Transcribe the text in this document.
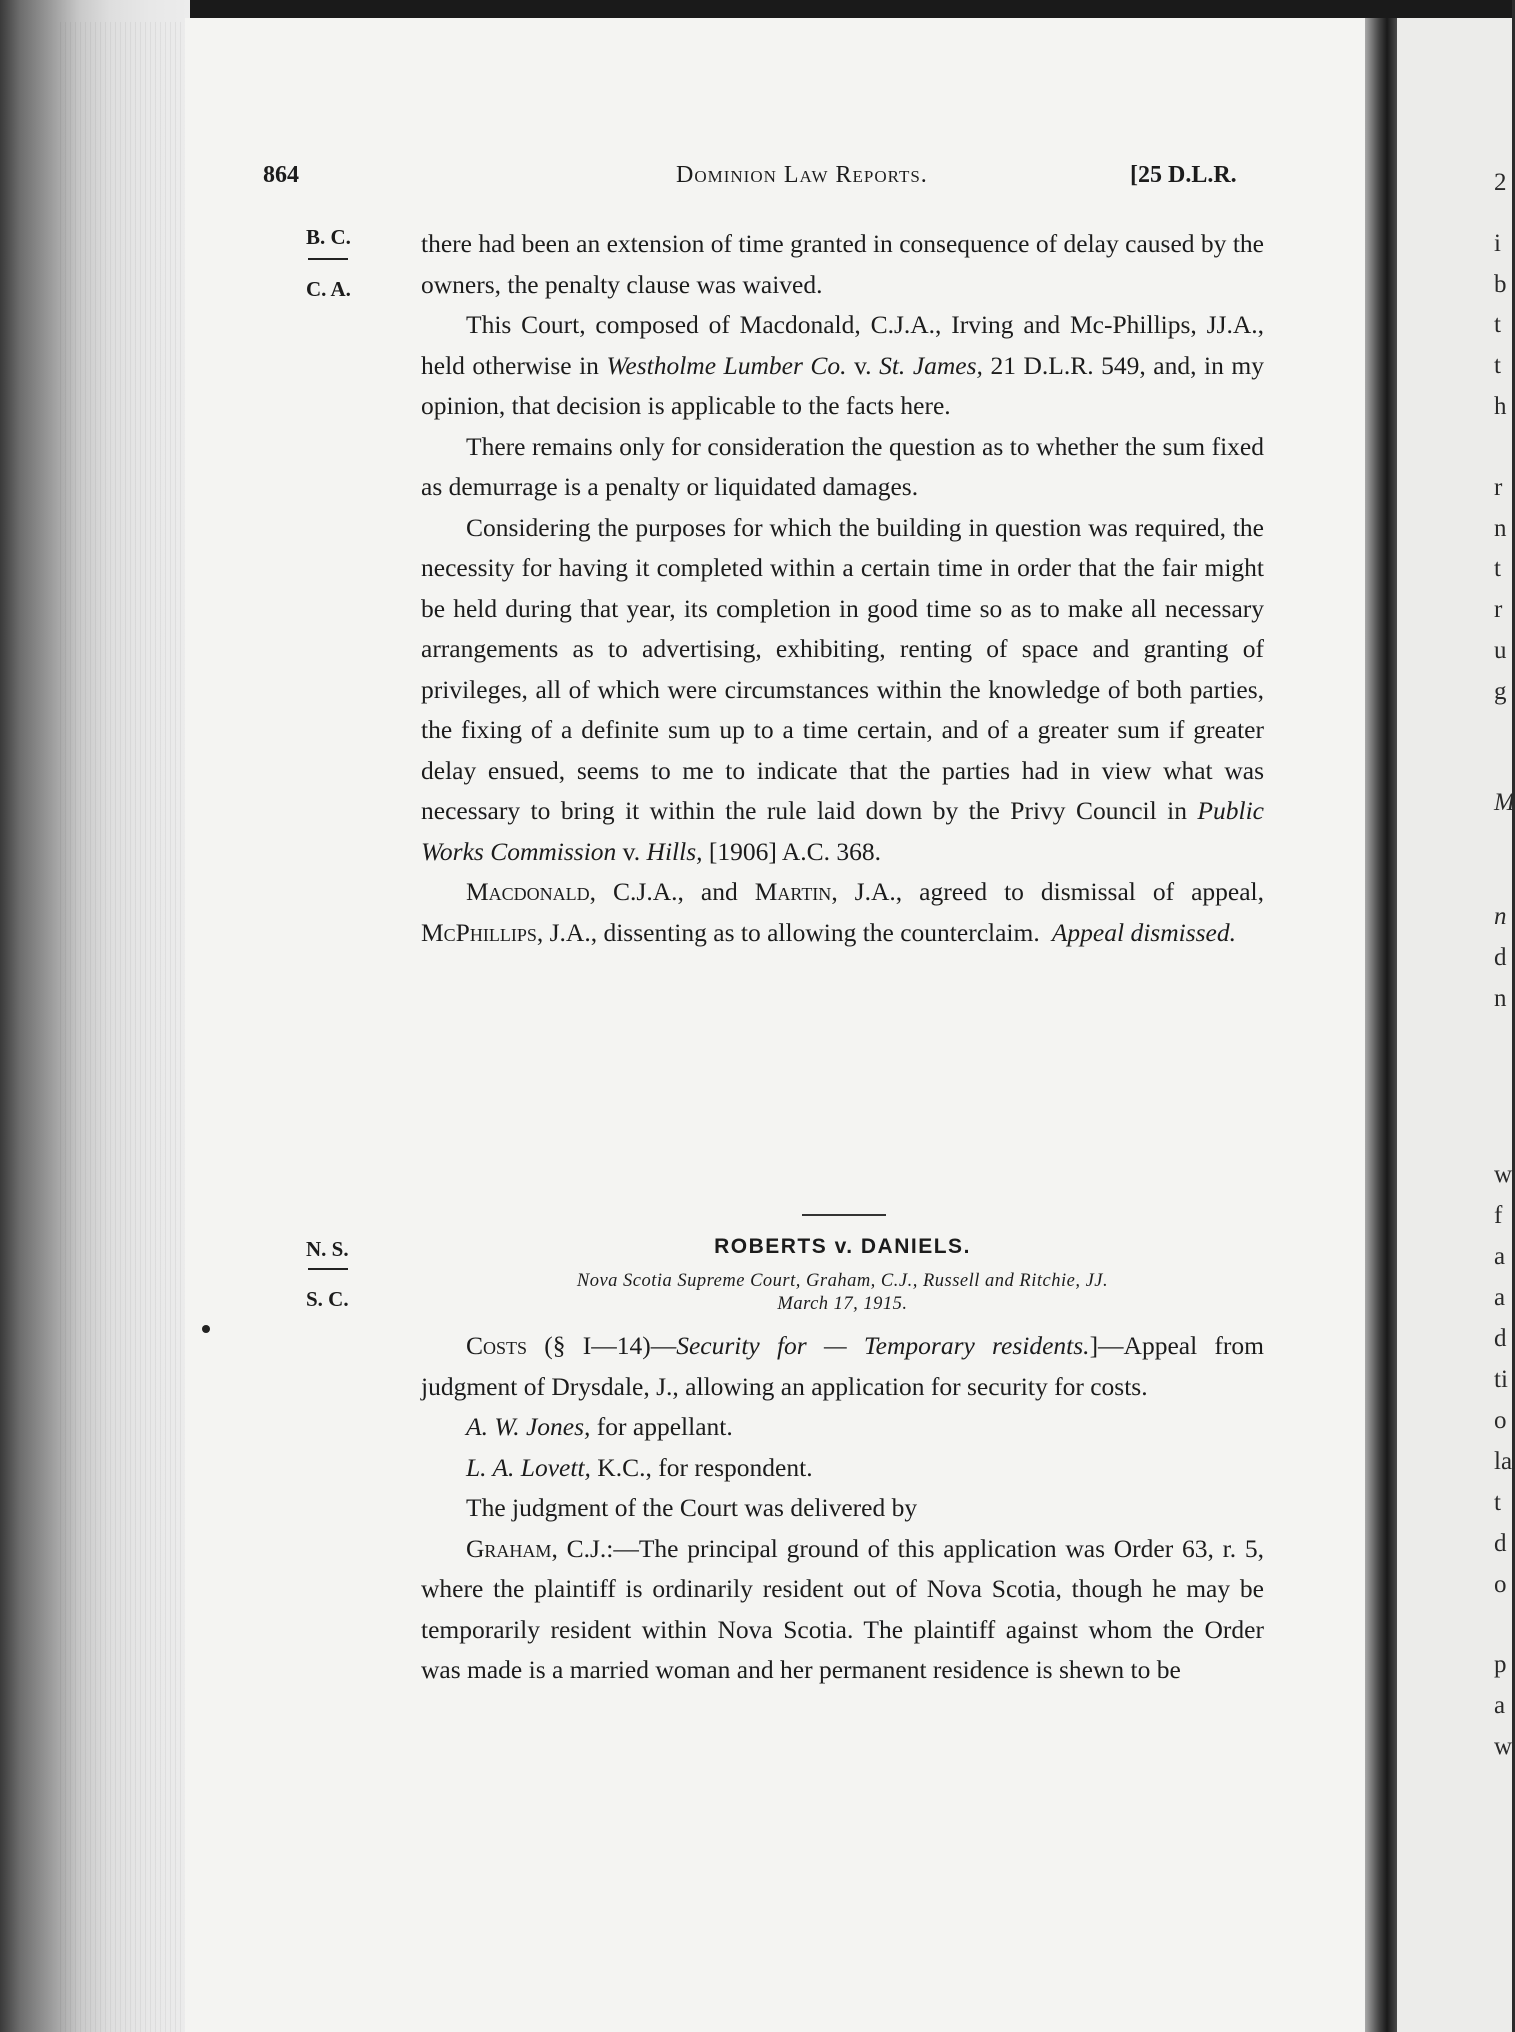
2
i
b
t
t
h
r
n
t
r
u
g
M
n
d
n
w
f
a
a
d
ti
o
la
t
d
o
p
a
w
864	Dominion Law Reports.	[25 D.L.R.
B. C.
C. A.

there had been an extension of time granted in consequence of delay caused by the owners, the penalty clause was waived.

This Court, composed of Macdonald, C.J.A., Irving and Mc-Phillips, JJ.A., held otherwise in Westholme Lumber Co. v. St. James, 21 D.L.R. 549, and, in my opinion, that decision is applicable to the facts here.

There remains only for consideration the question as to whether the sum fixed as demurrage is a penalty or liquidated damages.

Considering the purposes for which the building in question was required, the necessity for having it completed within a certain time in order that the fair might be held during that year, its completion in good time so as to make all necessary arrangements as to advertising, exhibiting, renting of space and granting of privileges, all of which were circumstances within the knowledge of both parties, the fixing of a definite sum up to a time certain, and of a greater sum if greater delay ensued, seems to me to indicate that the parties had in view what was necessary to bring it within the rule laid down by the Privy Council in Public Works Commission v. Hills, [1906] A.C. 368.

Macdonald, C.J.A., and Martin, J.A., agreed to dismissal of appeal, McPhillips, J.A., dissenting as to allowing the counterclaim. Appeal dismissed.

N. S.
S. C.
ROBERTS v. DANIELS.
Nova Scotia Supreme Court, Graham, C.J., Russell and Ritchie, JJ.
March 17, 1915.

Costs (§ I—14)—Security for — Temporary residents.]—Appeal from judgment of Drysdale, J., allowing an application for security for costs.

A. W. Jones, for appellant.

L. A. Lovett, K.C., for respondent.

The judgment of the Court was delivered by

Graham, C.J.:—The principal ground of this application was Order 63, r. 5, where the plaintiff is ordinarily resident out of Nova Scotia, though he may be temporarily resident within Nova Scotia. The plaintiff against whom the Order was made is a married woman and her permanent residence is shewn to be
